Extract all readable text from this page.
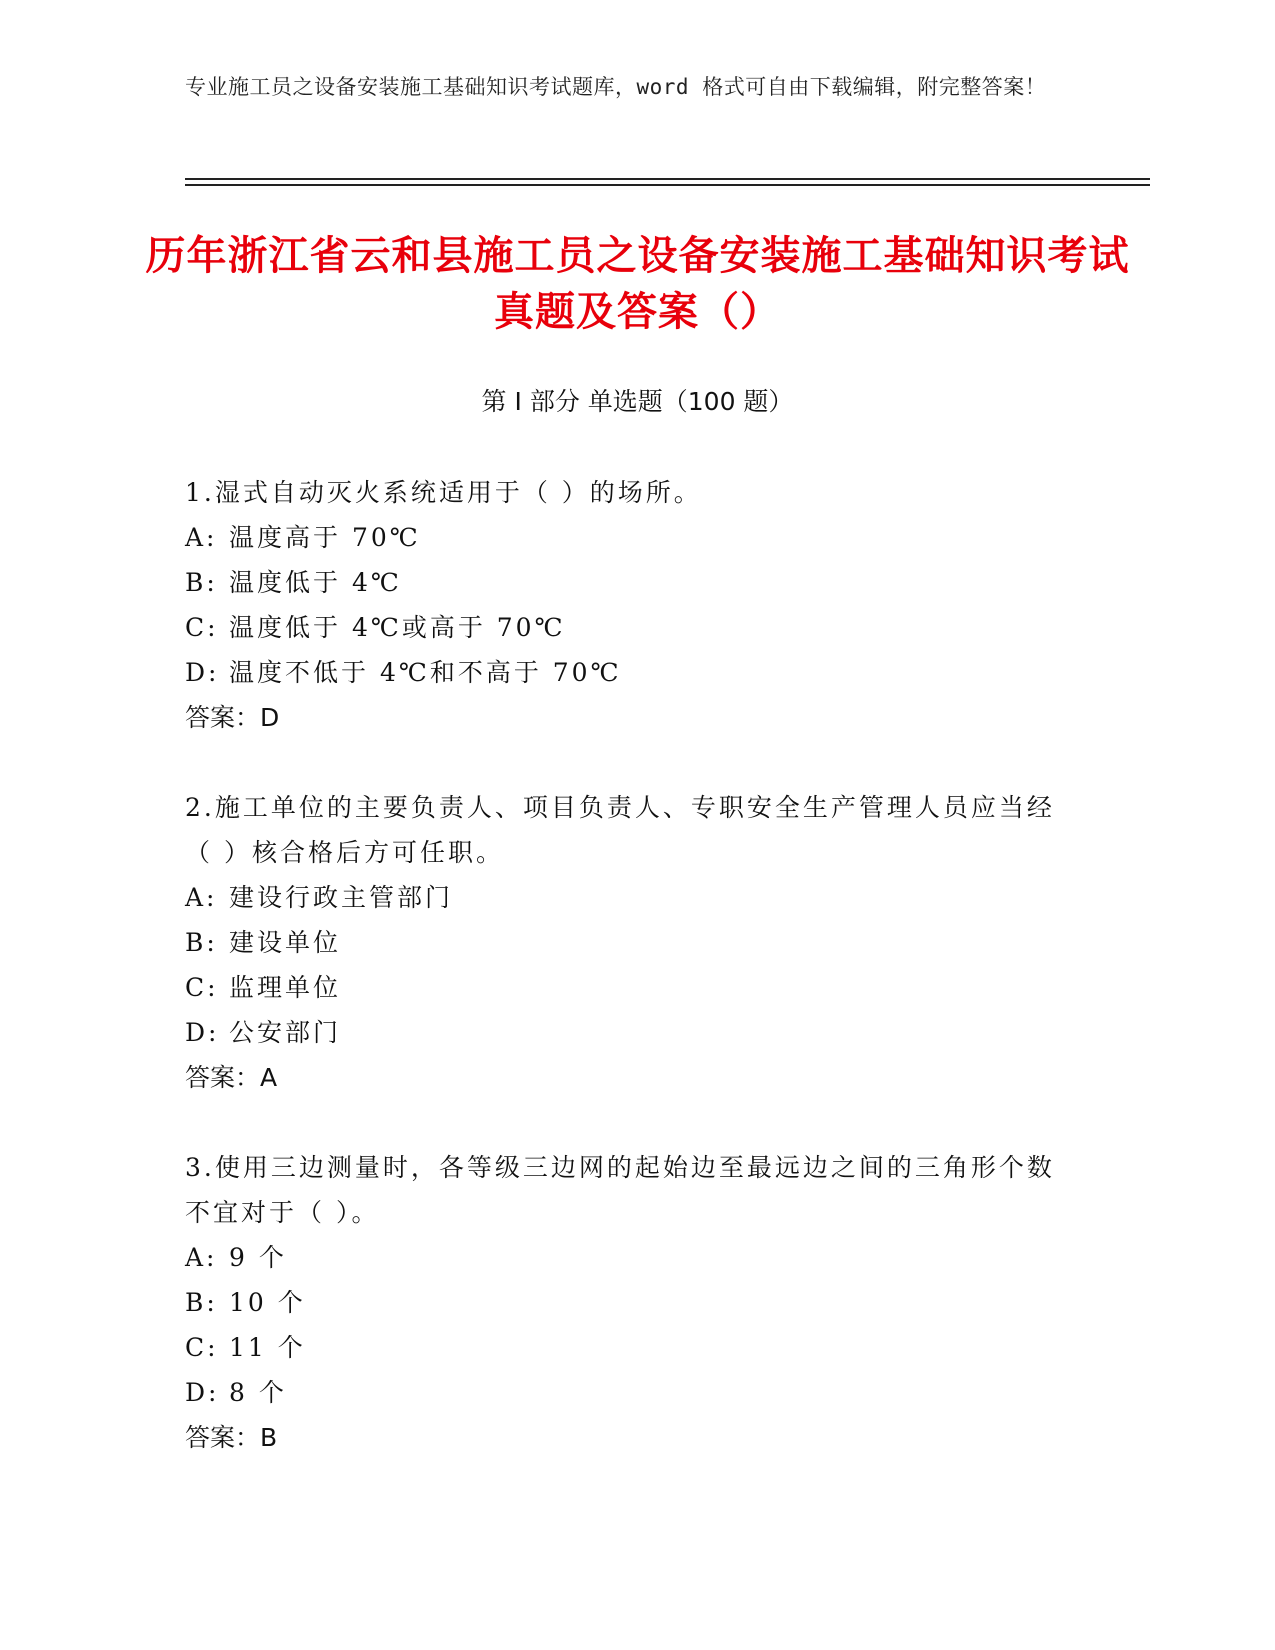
专业施工员之设备安装施工基础知识考试题库，word 格式可自由下载编辑，附完整答案！
历年浙江省云和县施工员之设备安装施工基础知识考试真题及答案（）
第 I 部分 单选题（100 题）
1.湿式自动灭火系统适用于（ ）的场所。
A: 温度高于 70℃
B: 温度低于 4℃
C: 温度低于 4℃或高于 70℃
D: 温度不低于 4℃和不高于 70℃
答案：D
2.施工单位的主要负责人、项目负责人、专职安全生产管理人员应当经（ ）核合格后方可任职。
A: 建设行政主管部门
B: 建设单位
C: 监理单位
D: 公安部门
答案：A
3.使用三边测量时，各等级三边网的起始边至最远边之间的三角形个数不宜对于（ ）。
A: 9 个
B: 10 个
C: 11 个
D: 8 个
答案：B
